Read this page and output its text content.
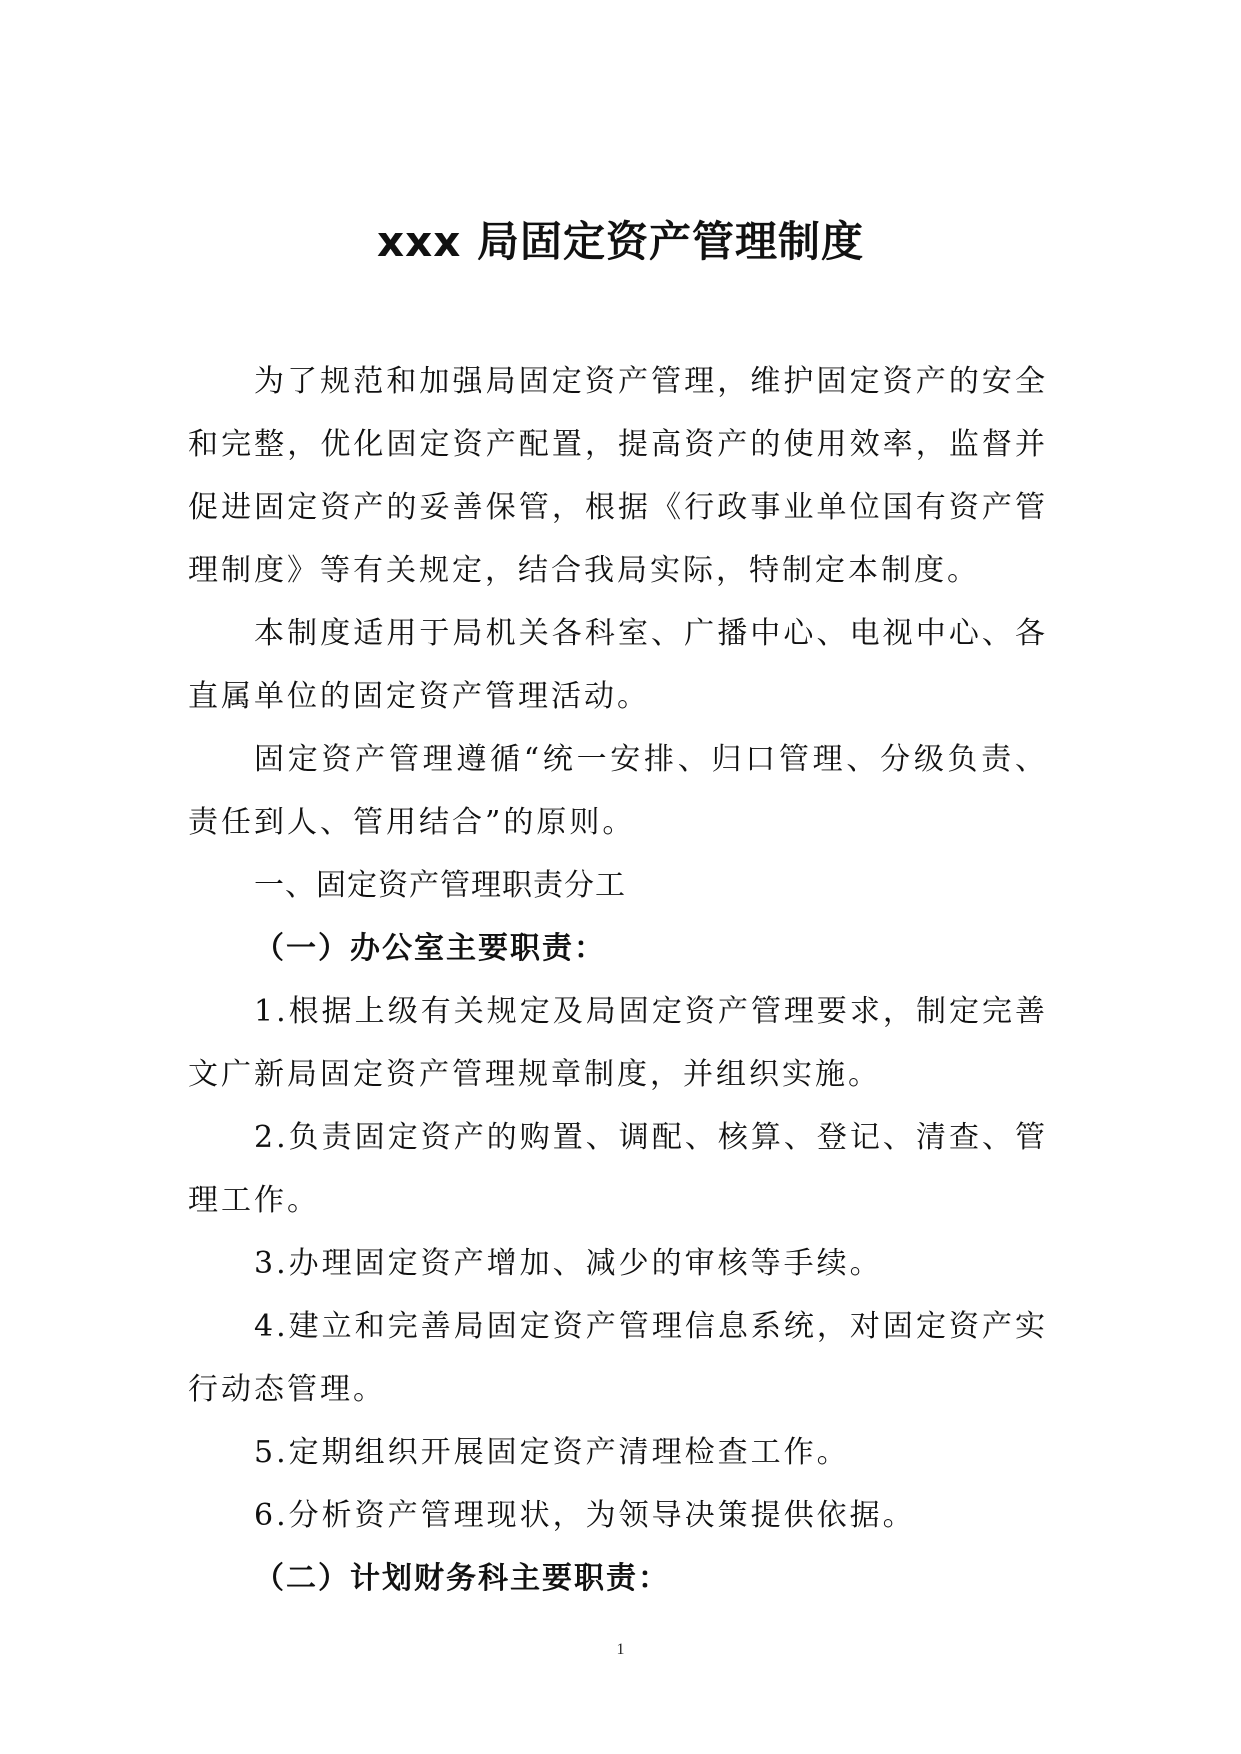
xxx 局固定资产管理制度

为了规范和加强局固定资产管理，维护固定资产的安全和完整，优化固定资产配置，提高资产的使用效率，监督并促进固定资产的妥善保管，根据《行政事业单位国有资产管理制度》等有关规定，结合我局实际，特制定本制度。

本制度适用于局机关各科室、广播中心、电视中心、各直属单位的固定资产管理活动。

固定资产管理遵循“统一安排、归口管理、分级负责、责任到人、管用结合”的原则。

一、固定资产管理职责分工

（一）办公室主要职责：

1.根据上级有关规定及局固定资产管理要求，制定完善文广新局固定资产管理规章制度，并组织实施。

2.负责固定资产的购置、调配、核算、登记、清查、管理工作。

3.办理固定资产增加、减少的审核等手续。

4.建立和完善局固定资产管理信息系统，对固定资产实行动态管理。

5.定期组织开展固定资产清理检查工作。

6.分析资产管理现状，为领导决策提供依据。

（二）计划财务科主要职责：

1
